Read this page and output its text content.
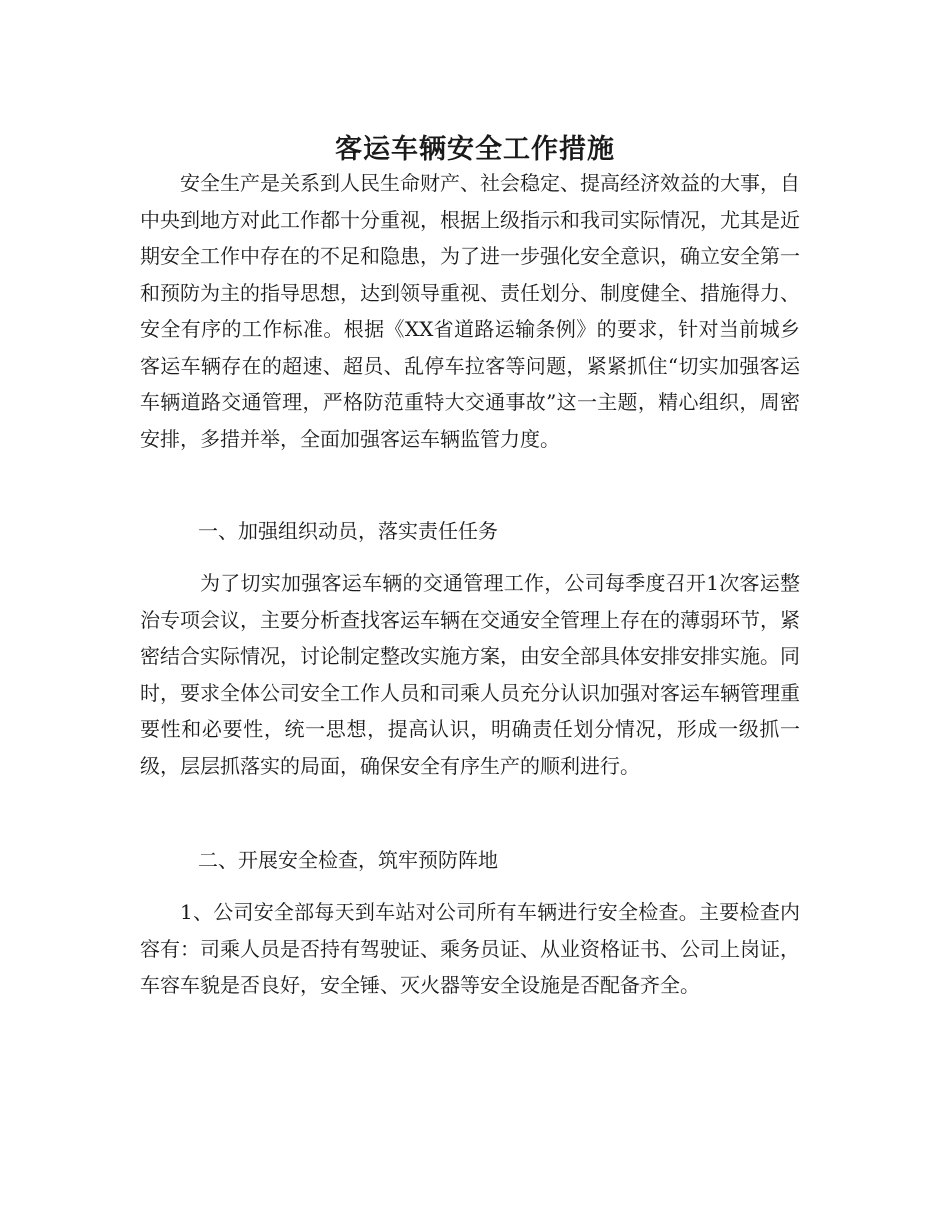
客运车辆安全工作措施

安全生产是关系到人民生命财产、社会稳定、提高经济效益的大事，自中央到地方对此工作都十分重视，根据上级指示和我司实际情况，尤其是近期安全工作中存在的不足和隐患，为了进一步强化安全意识，确立安全第一和预防为主的指导思想，达到领导重视、责任划分、制度健全、措施得力、安全有序的工作标准。根据《XX省道路运输条例》的要求，针对当前城乡客运车辆存在的超速、超员、乱停车拉客等问题，紧紧抓住“切实加强客运车辆道路交通管理，严格防范重特大交通事故”这一主题，精心组织，周密安排，多措并举，全面加强客运车辆监管力度。

一、加强组织动员，落实责任任务

为了切实加强客运车辆的交通管理工作，公司每季度召开1次客运整治专项会议，主要分析查找客运车辆在交通安全管理上存在的薄弱环节，紧密结合实际情况，讨论制定整改实施方案，由安全部具体安排安排实施。同时，要求全体公司安全工作人员和司乘人员充分认识加强对客运车辆管理重要性和必要性，统一思想，提高认识，明确责任划分情况，形成一级抓一级，层层抓落实的局面，确保安全有序生产的顺利进行。

二、开展安全检查，筑牢预防阵地

1、公司安全部每天到车站对公司所有车辆进行安全检查。主要检查内容有：司乘人员是否持有驾驶证、乘务员证、从业资格证书、公司上岗证，车容车貌是否良好，安全锤、灭火器等安全设施是否配备齐全。
